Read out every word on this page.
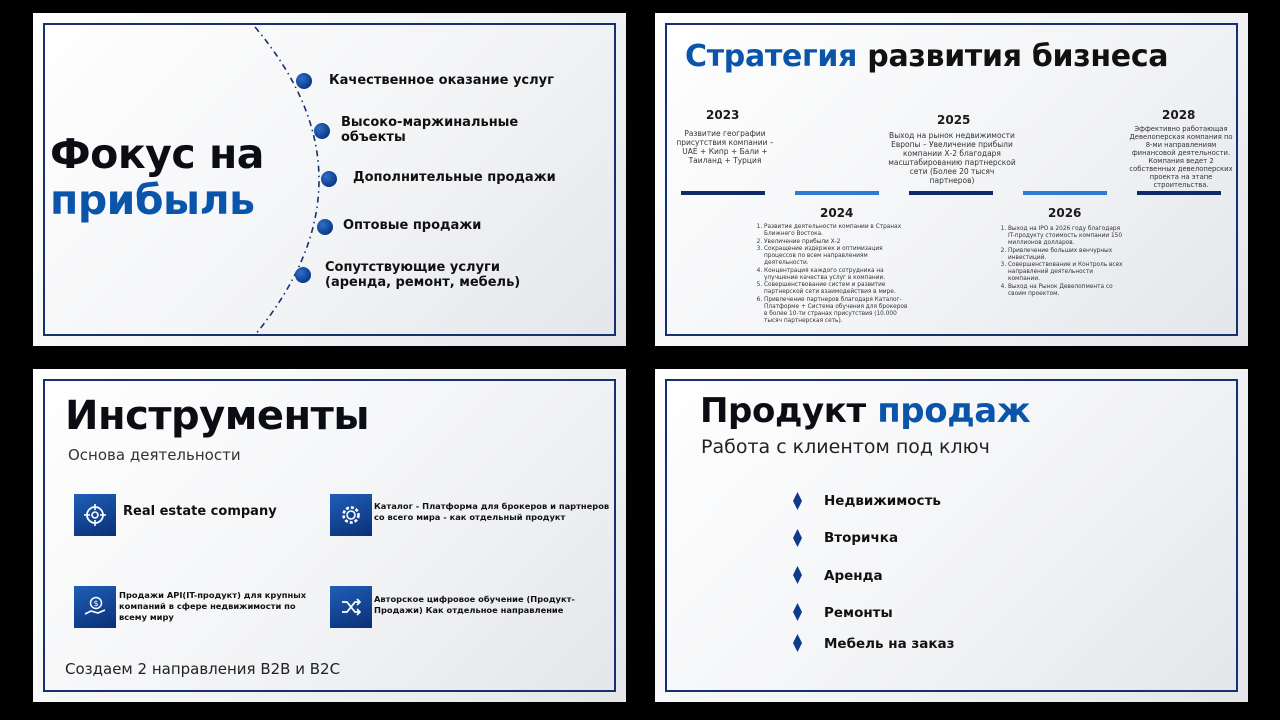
Фокус на
прибыль
Качественное оказание услуг
Высоко-маржинальные объекты
Дополнительные продажи
Оптовые продажи
Сопутствующие услуги (аренда, ремонт, мебель)
Стратегия развития бизнеса
2023
Развитие географии присутствия компании – UAE + Кипр + Бали + Таиланд + Турция
2024
1. Развитие деятельности компании в Странах Ближнего Востока.
2. Увеличение прибыли Х-2
3. Сокращение издержек и оптимизация процессов по всем направлениям деятельности.
4. Концентрация каждого сотрудника на улучшение качества услуг в компании.
5. Совершенствование систем и развитие партнерской сети взаимодействия в мире.
6. Привлечение партнеров благодаря Каталог-Платформе + Система обучения для брокеров в более 10-ти странах присутствия (10.000 тысяч партнерская сеть).
2025
Выход на рынок недвижимости Европы – Увеличение прибыли компании Х-2 благодаря масштабированию партнерской сети (Более 20 тысяч партнеров)
2026
1. Выход на IPO в 2026 году благодаря IT-продукту стоимость компании 150 миллионов долларов.
2. Привлечение больших венчурных инвестиций.
3. Совершенствование и Контроль всех направлений деятельности компании.
4. Выход на Рынок Девелопмента со своим проектом.
2028
Эффективно работающая Девелоперская компания по 8-ми направлениям финансовой деятельности. Компания ведет 2 собственных девелоперских проекта на этапе строительства.
Инструменты
Основа деятельности
Real estate company	Каталог - Платформа для брокеров и партнеров со всего мира - как отдельный продукт
$
Продажи API(IT-продукт) для крупных компаний в сфере недвижимости по всему миру
Авторское цифровое обучение (Продукт-Продажи) Как отдельное направление
Создаем 2 направления B2B и B2C
Продукт продаж
Работа с клиентом под ключ
Недвижимость
Вторичка
Аренда
Ремонты
Мебель на заказ
